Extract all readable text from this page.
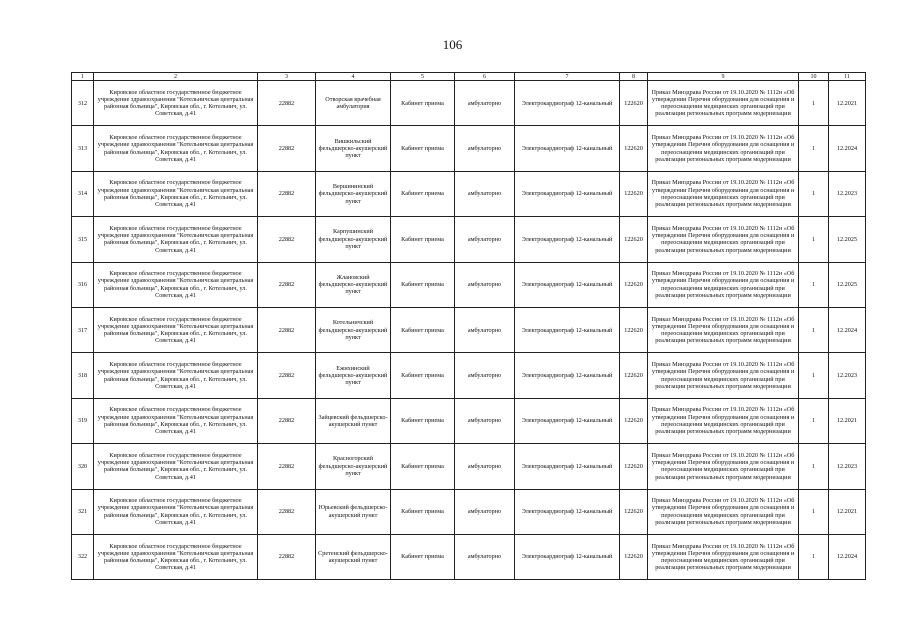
106
1	2	3	4	5	6	7	8	9	10	11
312	Кировское областное государственное бюджетное учреждение здравоохранения "Котельничская центральная районная больница", Кировская обл., г. Котельнич, ул. Советская, д.41	22882	Отворская врачебная амбулатория	Кабинет приема	амбулаторно	Электрокардиограф 12-канальный	122620	Приказ Минздрава России от 19.10.2020 № 1112н «Об утверждении Перечня оборудования для оснащения и переоснащения медицинских организаций при реализации региональных программ модернизации	1	12.2021
313	Кировское областное государственное бюджетное учреждение здравоохранения "Котельничская центральная районная больница", Кировская обл., г. Котельнич, ул. Советская, д.41	22882	Вишкильский фельдшерско-акушерский пункт	Кабинет приема	амбулаторно	Электрокардиограф 12-канальный	122620	Приказ Минздрава России от 19.10.2020 № 1112н «Об утверждении Перечня оборудования для оснащения и переоснащения медицинских организаций при реализации региональных программ модернизации	1	12.2024
314	Кировское областное государственное бюджетное учреждение здравоохранения "Котельничская центральная районная больница", Кировская обл., г. Котельнич, ул. Советская, д.41	22882	Вершининский фельдшерско-акушерский пункт	Кабинет приема	амбулаторно	Электрокардиограф 12-канальный	122620	Приказ Минздрава России от 19.10.2020 № 1112н «Об утверждении Перечня оборудования для оснащения и переоснащения медицинских организаций при реализации региональных программ модернизации	1	12.2023
315	Кировское областное государственное бюджетное учреждение здравоохранения "Котельничская центральная районная больница", Кировская обл., г. Котельнич, ул. Советская, д.41	22882	Карпушинский фельдшерско-акушерский пункт	Кабинет приема	амбулаторно	Электрокардиограф 12-канальный	122620	Приказ Минздрава России от 19.10.2020 № 1112н «Об утверждении Перечня оборудования для оснащения и переоснащения медицинских организаций при реализации региональных программ модернизации	1	12.2025
316	Кировское областное государственное бюджетное учреждение здравоохранения "Котельничская центральная районная больница", Кировская обл., г. Котельнич, ул. Советская, д.41	22882	Жлановский фельдшерско-акушерский пункт	Кабинет приема	амбулаторно	Электрокардиограф 12-канальный	122620	Приказ Минздрава России от 19.10.2020 № 1112н «Об утверждении Перечня оборудования для оснащения и переоснащения медицинских организаций при реализации региональных программ модернизации	1	12.2025
317	Кировское областное государственное бюджетное учреждение здравоохранения "Котельничская центральная районная больница", Кировская обл., г. Котельнич, ул. Советская, д.41	22882	Котельничский фельдшерско-акушерский пункт	Кабинет приема	амбулаторно	Электрокардиограф 12-канальный	122620	Приказ Минздрава России от 19.10.2020 № 1112н «Об утверждении Перечня оборудования для оснащения и переоснащения медицинских организаций при реализации региональных программ модернизации	1	12.2024
318	Кировское областное государственное бюджетное учреждение здравоохранения "Котельничская центральная районная больница", Кировская обл., г. Котельнич, ул. Советская, д.41	22882	Ежихинский фельдшерско-акушерский пункт	Кабинет приема	амбулаторно	Электрокардиограф 12-канальный	122620	Приказ Минздрава России от 19.10.2020 № 1112н «Об утверждении Перечня оборудования для оснащения и переоснащения медицинских организаций при реализации региональных программ модернизации	1	12.2023
319	Кировское областное государственное бюджетное учреждение здравоохранения "Котельничская центральная районная больница", Кировская обл., г. Котельнич, ул. Советская, д.41	22882	Зайцевский фельдшерско-акушерский пункт	Кабинет приема	амбулаторно	Электрокардиограф 12-канальный	122620	Приказ Минздрава России от 19.10.2020 № 1112н «Об утверждении Перечня оборудования для оснащения и переоснащения медицинских организаций при реализации региональных программ модернизации	1	12.2021
320	Кировское областное государственное бюджетное учреждение здравоохранения "Котельничская центральная районная больница", Кировская обл., г. Котельнич, ул. Советская, д.41	22882	Красногорский фельдшерско-акушерский пункт	Кабинет приема	амбулаторно	Электрокардиограф 12-канальный	122620	Приказ Минздрава России от 19.10.2020 № 1112н «Об утверждении Перечня оборудования для оснащения и переоснащения медицинских организаций при реализации региональных программ модернизации	1	12.2023
321	Кировское областное государственное бюджетное учреждение здравоохранения "Котельничская центральная районная больница", Кировская обл., г. Котельнич, ул. Советская, д.41	22882	Юрьевский фельдшерско-акушерский пункт	Кабинет приема	амбулаторно	Электрокардиограф 12-канальный	122620	Приказ Минздрава России от 19.10.2020 № 1112н «Об утверждении Перечня оборудования для оснащения и переоснащения медицинских организаций при реализации региональных программ модернизации	1	12.2021
322	Кировское областное государственное бюджетное учреждение здравоохранения "Котельничская центральная районная больница", Кировская обл., г. Котельнич, ул. Советская, д.41	22882	Сретенский фельдшерско-акушерский пункт	Кабинет приема	амбулаторно	Электрокардиограф 12-канальный	122620	Приказ Минздрава России от 19.10.2020 № 1112н «Об утверждении Перечня оборудования для оснащения и переоснащения медицинских организаций при реализации региональных программ модернизации	1	12.2024
